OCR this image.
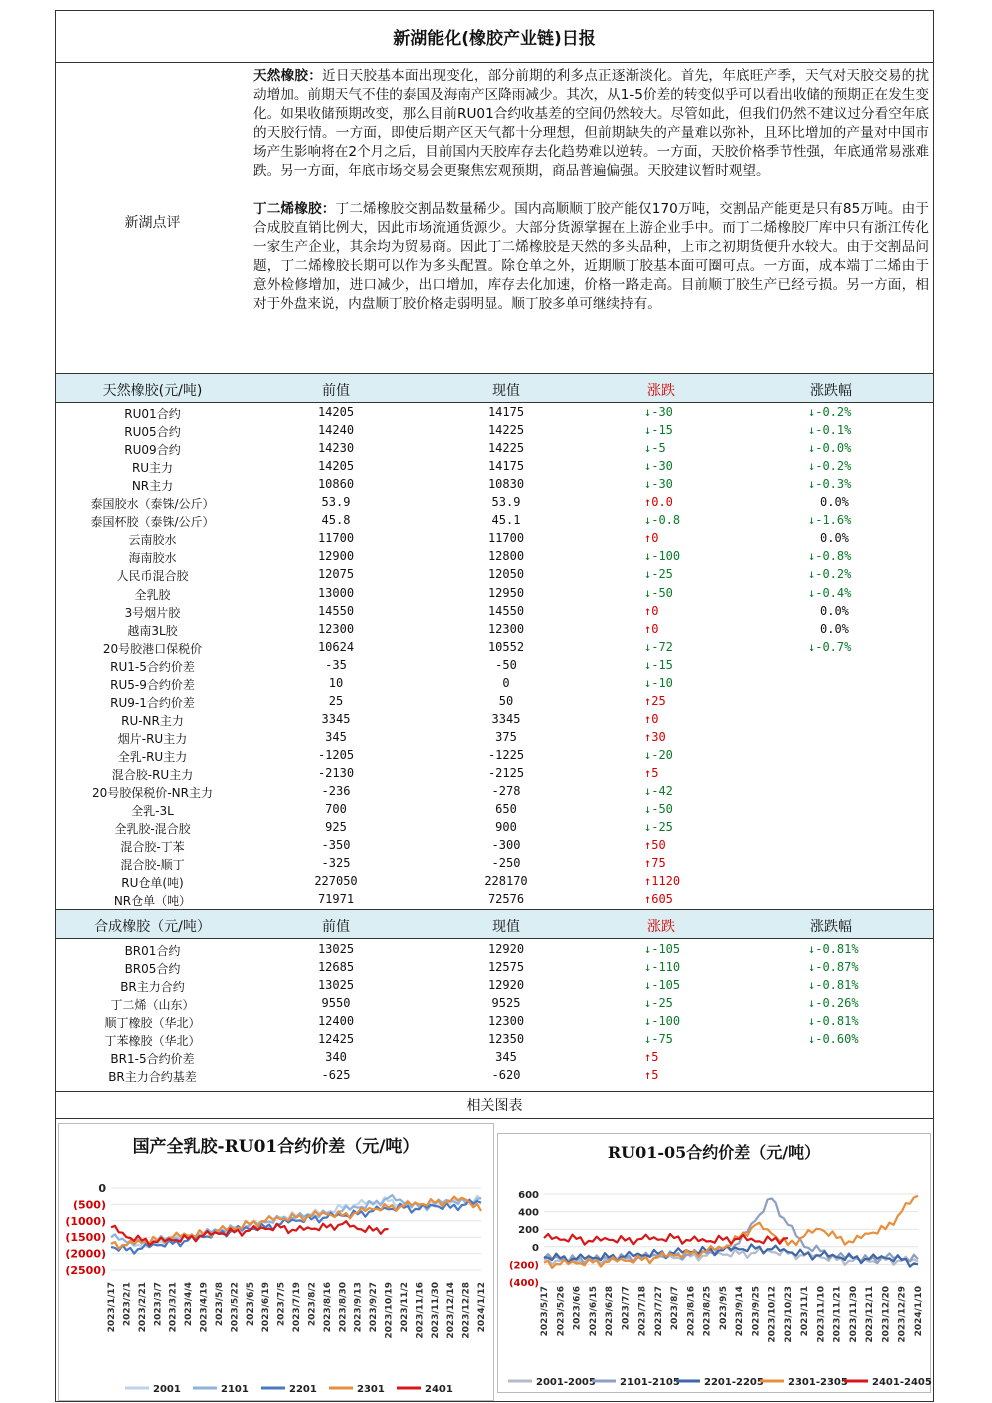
新湖能化(橡胶产业链)日报
新湖点评

天然橡胶：近日天胶基本面出现变化，部分前期的利多点正逐渐淡化。首先，年底旺产季，天气对天胶交易的扰动增加。前期天气不佳的泰国及海南产区降雨减少。其次，从1-5价差的转变似乎可以看出收储的预期正在发生变化。如果收储预期改变，那么目前RU01合约收基差的空间仍然较大。尽管如此，但我们仍然不建议过分看空年底的天胶行情。一方面，即使后期产区天气都十分理想，但前期缺失的产量难以弥补，且环比增加的产量对中国市场产生影响将在2个月之后，目前国内天胶库存去化趋势难以逆转。一方面，天胶价格季节性强，年底通常易涨难跌。另一方面，年底市场交易会更聚焦宏观预期，商品普遍偏强。天胶建议暂时观望。

丁二烯橡胶：丁二烯橡胶交割品数量稀少。国内高顺顺丁胶产能仅170万吨，交割品产能更是只有85万吨。由于合成胶直销比例大，因此市场流通货源少。大部分货源掌握在上游企业手中。而丁二烯橡胶厂库中只有浙江传化一家生产企业，其余均为贸易商。因此丁二烯橡胶是天然的多头品种，上市之初期货便升水较大。由于交割品问题，丁二烯橡胶长期可以作为多头配置。除仓单之外，近期顺丁胶基本面可圈可点。一方面，成本端丁二烯由于意外检修增加，进口减少，出口增加，库存去化加速，价格一路走高。目前顺丁胶生产已经亏损。另一方面，相对于外盘来说，内盘顺丁胶价格走弱明显。顺丁胶多单可继续持有。

天然橡胶(元/吨)	前值	现值	涨跌	涨跌幅
RU01合约	14205	14175	↓-30	↓-0.2%
RU05合约	14240	14225	↓-15	↓-0.1%
RU09合约	14230	14225	↓-5	↓-0.0%
RU主力	14205	14175	↓-30	↓-0.2%
NR主力	10860	10830	↓-30	↓-0.3%
泰国胶水（泰铢/公斤）	53.9	53.9	↑0.0	0.0%
泰国杯胶（泰铢/公斤）	45.8	45.1	↓-0.8	↓-1.6%
云南胶水	11700	11700	↑0	0.0%
海南胶水	12900	12800	↓-100	↓-0.8%
人民币混合胶	12075	12050	↓-25	↓-0.2%
全乳胶	13000	12950	↓-50	↓-0.4%
3号烟片胶	14550	14550	↑0	0.0%
越南3L胶	12300	12300	↑0	0.0%
20号胶港口保税价	10624	10552	↓-72	↓-0.7%
RU1-5合约价差	-35	-50	↓-15
RU5-9合约价差	10	0	↓-10
RU9-1合约价差	25	50	↑25
RU-NR主力	3345	3345	↑0
烟片-RU主力	345	375	↑30
全乳-RU主力	-1205	-1225	↓-20
混合胶-RU主力	-2130	-2125	↑5
20号胶保税价-NR主力	-236	-278	↓-42
全乳-3L	700	650	↓-50
全乳胶-混合胶	925	900	↓-25
混合胶-丁苯	-350	-300	↑50
混合胶-顺丁	-325	-250	↑75
RU仓单(吨)	227050	228170	↑1120
NR仓单（吨）	71971	72576	↑605
合成橡胶（元/吨）	前值	现值	涨跌	涨跌幅
BR01合约	13025	12920	↓-105	↓-0.81%
BR05合约	12685	12575	↓-110	↓-0.87%
BR主力合约	13025	12920	↓-105	↓-0.81%
丁二烯（山东）	9550	9525	↓-25	↓-0.26%
顺丁橡胶（华北）	12400	12300	↓-100	↓-0.81%
丁苯橡胶（华北）	12425	12350	↓-75	↓-0.60%
BR1-5合约价差	340	345	↑5
BR主力合约基差	-625	-620	↑5
相关图表
国产全乳胶-RU01合约价差（元/吨）
0
(500)
(1000)
(1500)
(2000)
(2500)
2023/1/17 2023/2/1 2023/2/21 2023/3/7 2023/3/21 2023/4/4 2023/4/19 2023/5/8 2023/5/22 2023/6/5 2023/6/19 2023/7/5 2023/7/19 2023/8/2 2023/8/16 2023/8/30 2023/9/13 2023/9/27 2023/10/19 2023/11/2 2023/11/16 2023/11/30 2023/12/14 2023/12/28 2024/1/12
2001	2101	2201	2301	2401
RU01-05合约价差（元/吨）
600
400
200
0
(200)
(400)
2023/5/17 2023/5/26 2023/6/6 2023/6/15 2023/6/28 2023/7/7 2023/7/18 2023/7/27 2023/8/7 2023/8/16 2023/8/25 2023/9/5 2023/9/14 2023/9/25 2023/10/12 2023/10/23 2023/11/1 2023/11/10 2023/11/21 2023/11/30 2023/12/11 2023/12/20 2023/12/29 2024/1/10
2001-2005 2101-2105 2201-2205 2301-2305 2401-2405
